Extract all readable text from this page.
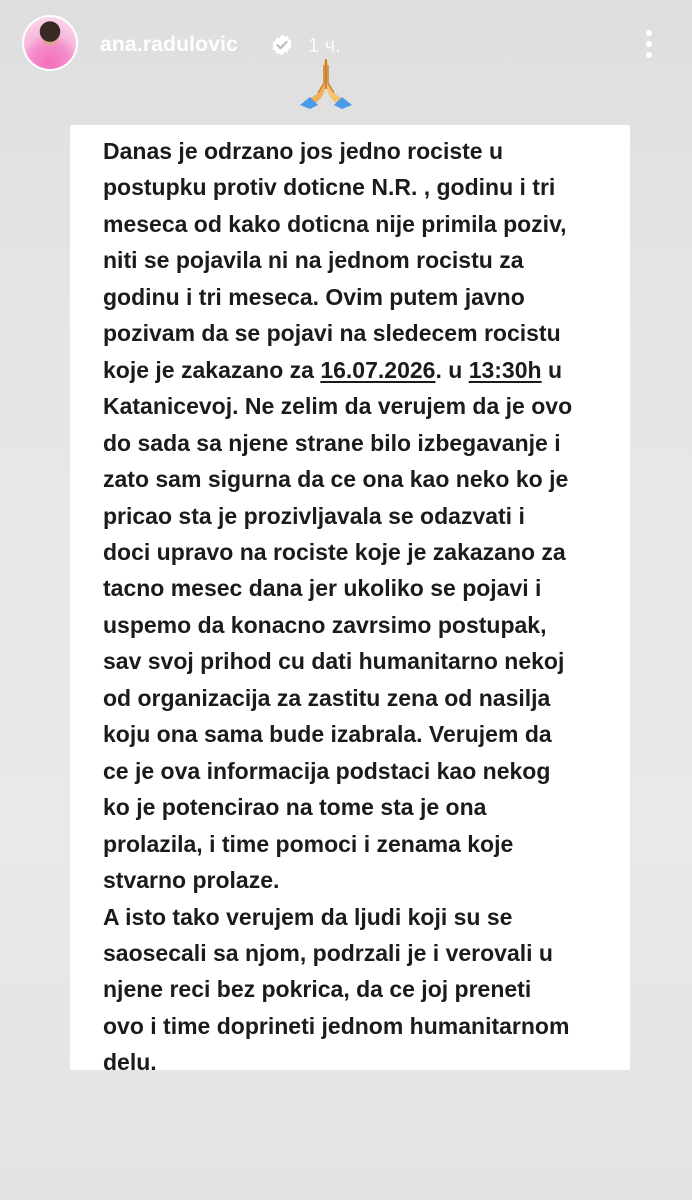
ana.radulovic	1 ч.
Danas je odrzano jos jedno rociste u
postupku protiv doticne N.R. , godinu i tri
meseca od kako doticna nije primila poziv,
niti se pojavila ni na jednom rocistu za
godinu i tri meseca. Ovim putem javno
pozivam da se pojavi na sledecem rocistu
koje je zakazano za 16.07.2026. u 13:30h u
Katanicevoj. Ne zelim da verujem da je ovo
do sada sa njene strane bilo izbegavanje i
zato sam sigurna da ce ona kao neko ko je
pricao sta je prozivljavala se odazvati i
doci upravo na rociste koje je zakazano za
tacno mesec dana jer ukoliko se pojavi i
uspemo da konacno zavrsimo postupak,
sav svoj prihod cu dati humanitarno nekoj
od organizacija za zastitu zena od nasilja
koju ona sama bude izabrala. Verujem da
ce je ova informacija podstaci kao nekog
ko je potencirao na tome sta je ona
prolazila, i time pomoci i zenama koje
stvarno prolaze.
A isto tako verujem da ljudi koji su se
saosecali sa njom, podrzali je i verovali u
njene reci bez pokrica, da ce joj preneti
ovo i time doprineti jednom humanitarnom
delu.
